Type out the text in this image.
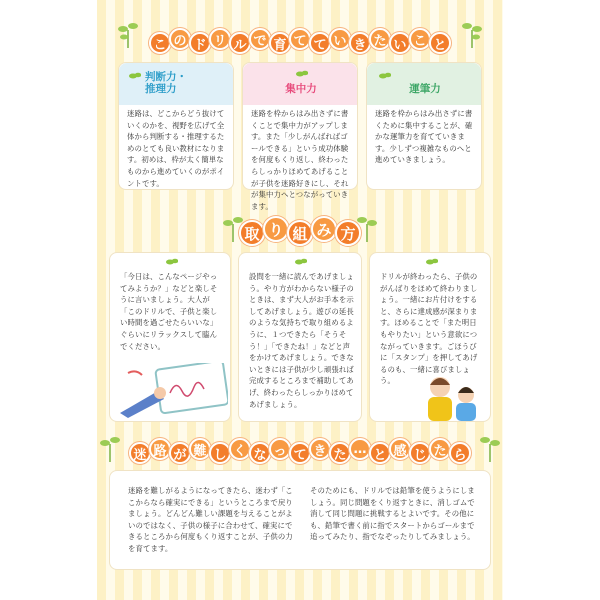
こ の ド リ ル で 育 て て い き た い こ と
判断力・
推理力
迷路は、どこからどう抜けていくのかを、視野を広げて全体から判断する・推理するためのとても良い教材になります。初めは、枠が太く簡単なものから進めていくのがポイントです。
集中力
迷路を枠からはみ出さずに書くことで集中力がアップします。また「少しがんばればゴールできる」という成功体験を何度もくり返し、終わったらしっかりほめてあげることが子供を迷路好きにし、それが集中力へとつながっていきます。
運筆力
迷路を枠からはみ出さずに書くために集中することが、確かな運筆力を育てていきます。少しずつ複雑なものへと進めていきましょう。
取 り 組 み 方
「今日は、こんなページやってみようか？」などと楽しそうに言いましょう。大人が「このドリルで、子供と楽しい時間を過ごせたらいいな」ぐらいにリラックスして臨んでください。
設問を一緒に読んであげましょう。やり方がわからない様子のときは、まず大人がお手本を示してあげましょう。遊びの延長のような気持ちで取り組めるように、１つできたら「そうそう！」「できたね！」などと声をかけてあげましょう。できないときには子供が少し頑張れば完成するところまで補助してあげ、終わったらしっかりほめてあげましょう。
ドリルが終わったら、子供のがんばりをほめて終わりましょう。一緒にお片付けをすると、さらに達成感が深まります。ほめることで「また明日もやりたい」という意欲につながっていきます。ごほうびに「スタンプ」を押してあげるのも、一緒に喜びましょう。
迷 路 が 難 し く な っ て き た … と 感 じ た ら
迷路を難しがるようになってきたら、迷わず「ここからなら確実にできる」というところまで戻りましょう。どんどん難しい課題を与えることがよいのではなく、子供の様子に合わせて、確実にできるところから何度もくり返すことが、子供の力を育てます。
そのためにも、ドリルでは鉛筆を使うようにしましょう。同じ問題をくり返すときに、消しゴムで消して同じ問題に挑戦するとよいです。その他にも、鉛筆で書く前に指でスタートからゴールまで追ってみたり、指でなぞったりしてみましょう。
